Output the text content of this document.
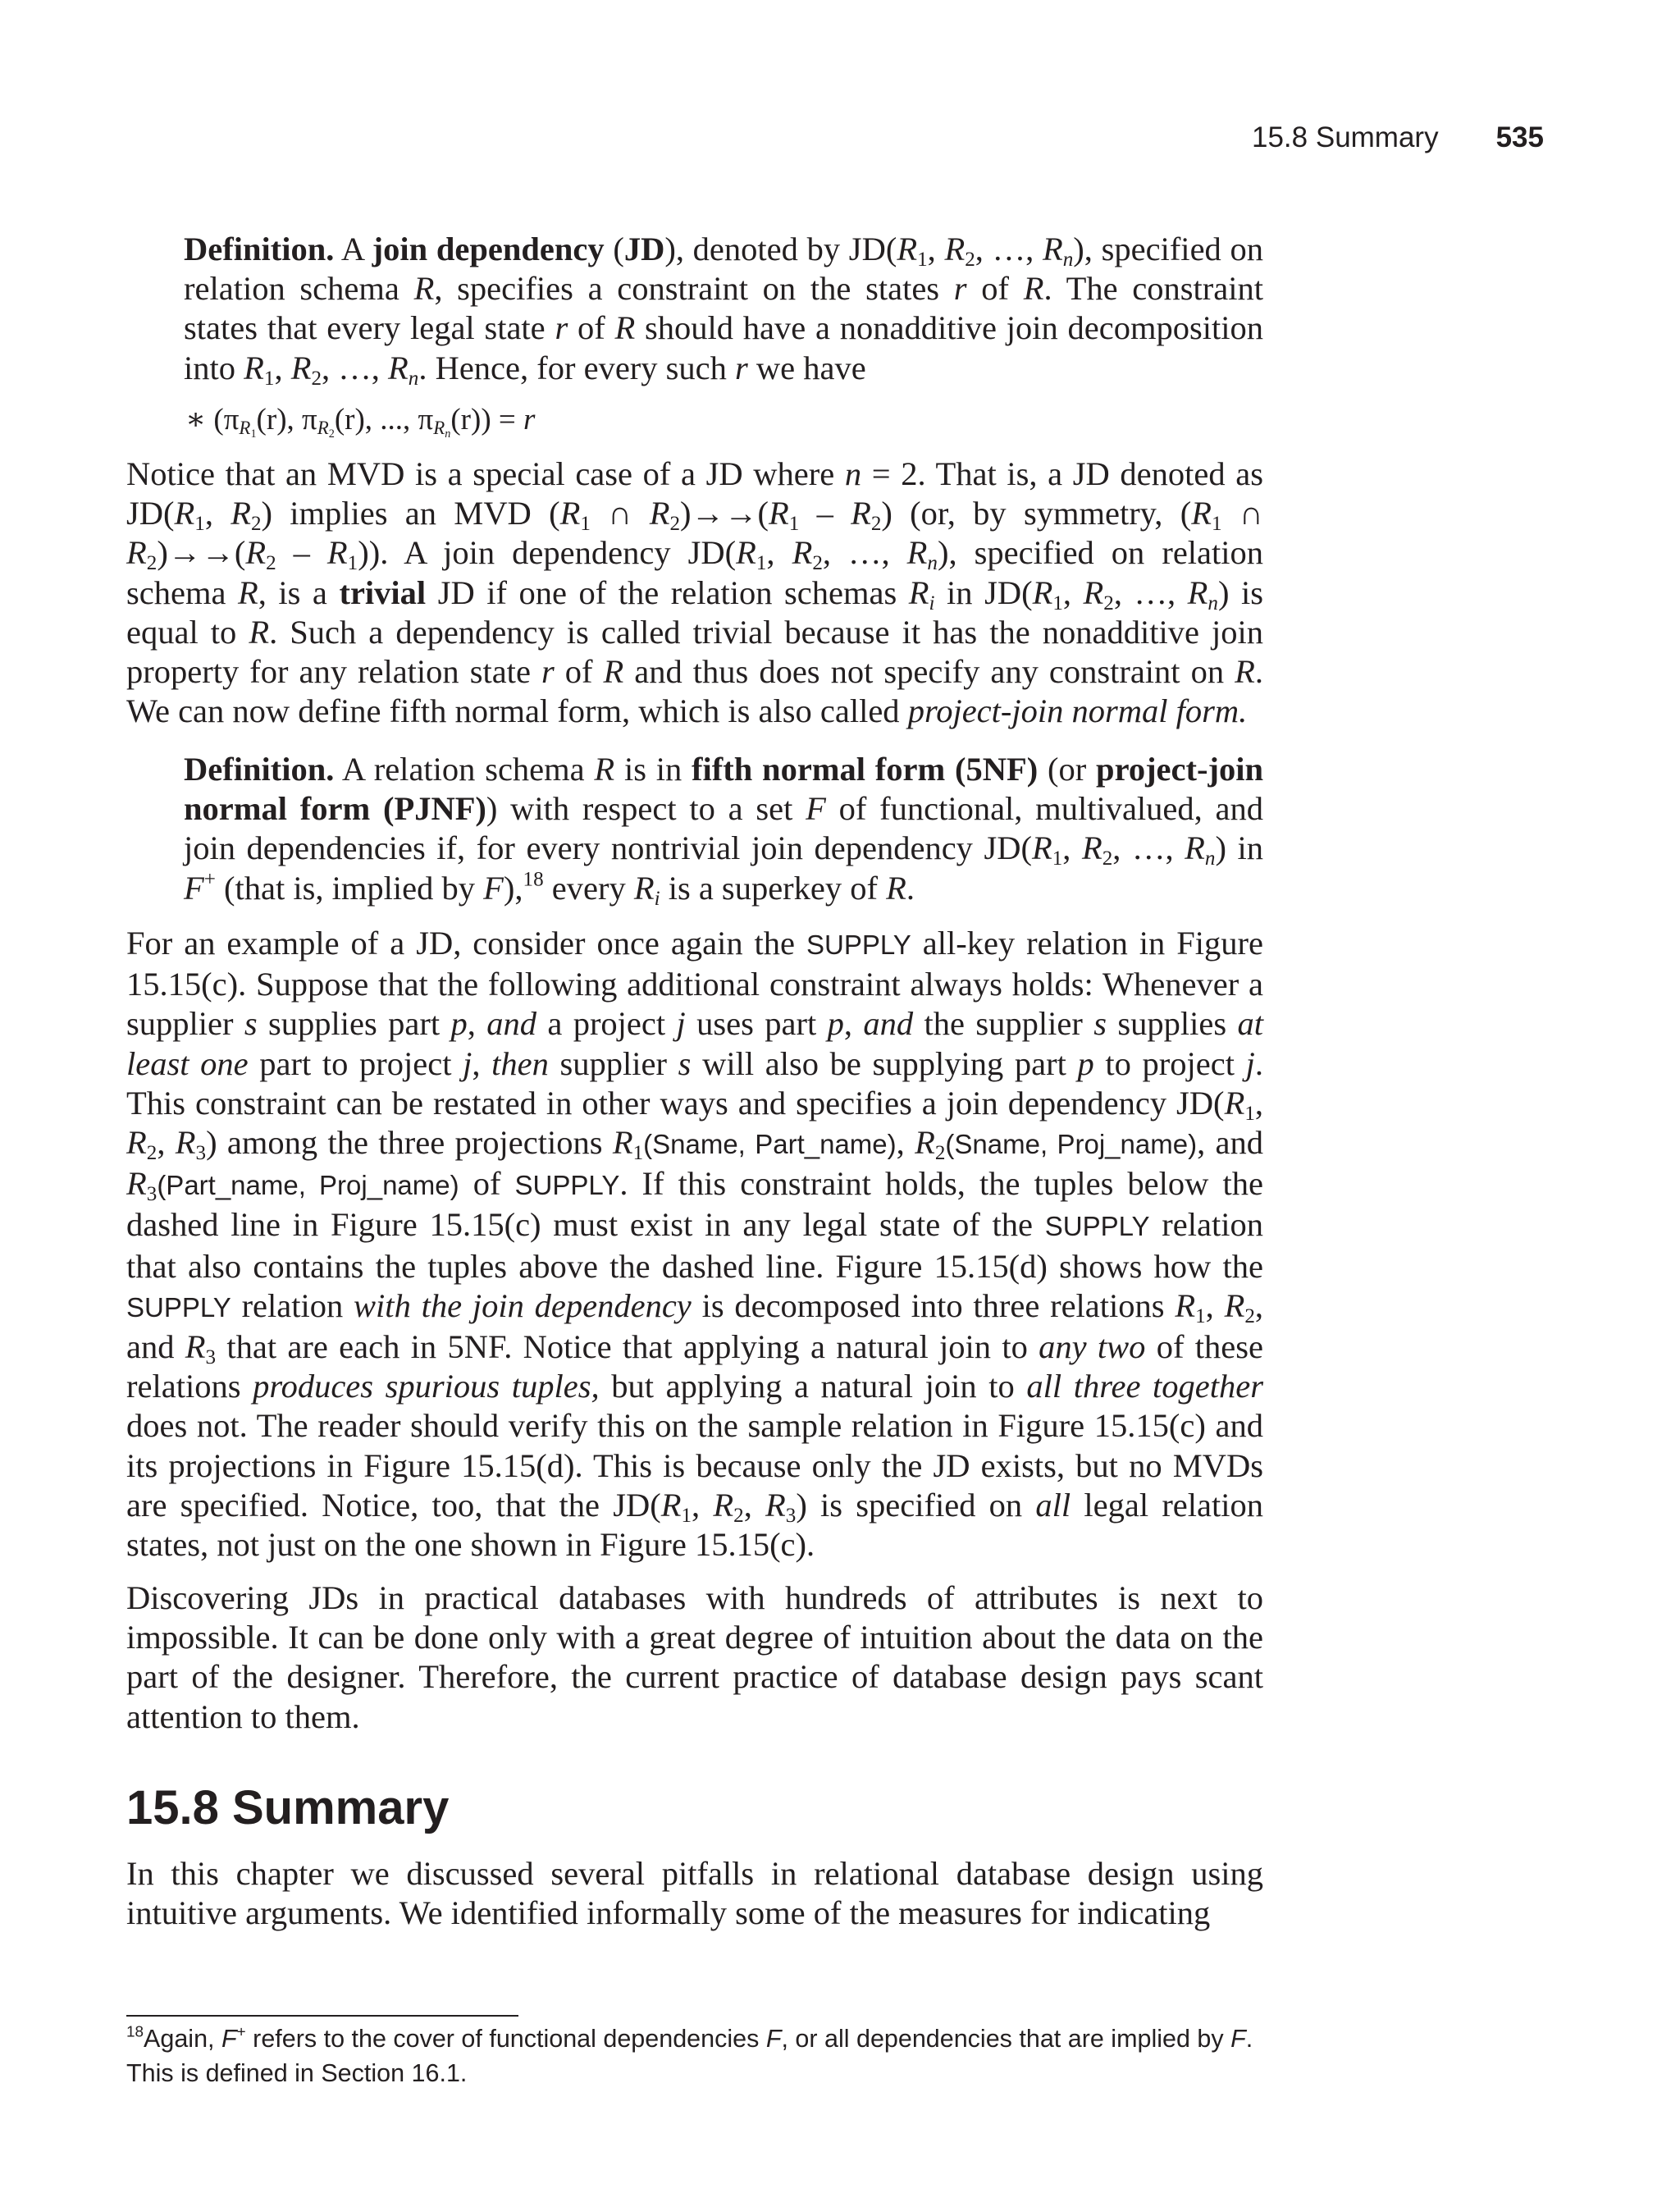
15.8 Summary 535

Definition. A join dependency (JD), denoted by $JD(R_1$, $R_2$, …, $R_n$), specified on relation schema R, specifies a constraint on the states r of R. The constraint states that every legal state r of R should have a nonadditive join decomposition into $R_1$, $R_2$, …, $R_n$. Hence, for every such r we have

∗ ($\pi_{R_1}(r)$, $\pi_{R_2}(r)$, ..., $\pi_{R_n}(r)) = r$

Notice that an MVD is a special case of a JD where n = 2. That is, a JD denoted as $JD(R_1$, $R_2$) implies an MVD ($R_1$ ∩ $R_2)\to\to(R_1 - R_2)$ (or, by symmetry, ($R_1$ ∩ $R_2)\to\to(R_2 - R_1)$). A join dependency $JD(R_1$, $R_2$, …, $R_n$), specified on relation schema R, is a trivial JD if one of the relation schemas $R_i$ in $JD(R_1$, $R_2$, …, $R_n$) is equal to R. Such a dependency is called trivial because it has the nonadditive join property for any relation state r of R and thus does not specify any constraint on R. We can now define fifth normal form, which is also called project-join normal form.

Definition. A relation schema R is in fifth normal form (5NF) (or project-join normal form (PJNF)) with respect to a set F of functional, multivalued, and join dependencies if, for every nontrivial join dependency $JD(R_1$, $R_2$, …, $R_n$) in F+ (that is, implied by F),$^{18}$ every $R_i$ is a superkey of R.

For an example of a JD, consider once again the SUPPLY all-key relation in Figure 15.15(c). Suppose that the following additional constraint always holds: Whenever a supplier s supplies part p, and a project j uses part p, and the supplier s supplies at least one part to project j, then supplier s will also be supplying part p to project j. This constraint can be restated in other ways and specifies a join dependency $JD(R_1$, $R_2$, $R_3$) among the three projections $R_1(Sname$, Part_name), $R_2(Sname$, Proj_name), and $R_3(Part\_name$, Proj_name) of SUPPLY. If this constraint holds, the tuples below the dashed line in Figure 15.15(c) must exist in any legal state of the SUPPLY relation that also contains the tuples above the dashed line. Figure 15.15(d) shows how the SUPPLY relation with the join dependency is decomposed into three relations $R_1$, $R_2$, and $R_3$ that are each in 5NF. Notice that applying a natural join to any two of these relations produces spurious tuples, but applying a natural join to all three together does not. The reader should verify this on the sample relation in Figure 15.15(c) and its projections in Figure 15.15(d). This is because only the JD exists, but no MVDs are specified. Notice, too, that the $JD(R_1$, $R_2$, $R_3$) is specified on all legal relation states, not just on the one shown in Figure 15.15(c).

Discovering JDs in practical databases with hundreds of attributes is next to impossible. It can be done only with a great degree of intuition about the data on the part of the designer. Therefore, the current practice of database design pays scant attention to them.

15.8 Summary

In this chapter we discussed several pitfalls in relational database design using intuitive arguments. We identified informally some of the measures for indicating

$^{18}$Again, F+ refers to the cover of functional dependencies F, or all dependencies that are implied by F.
This is defined in Section 16.1.
